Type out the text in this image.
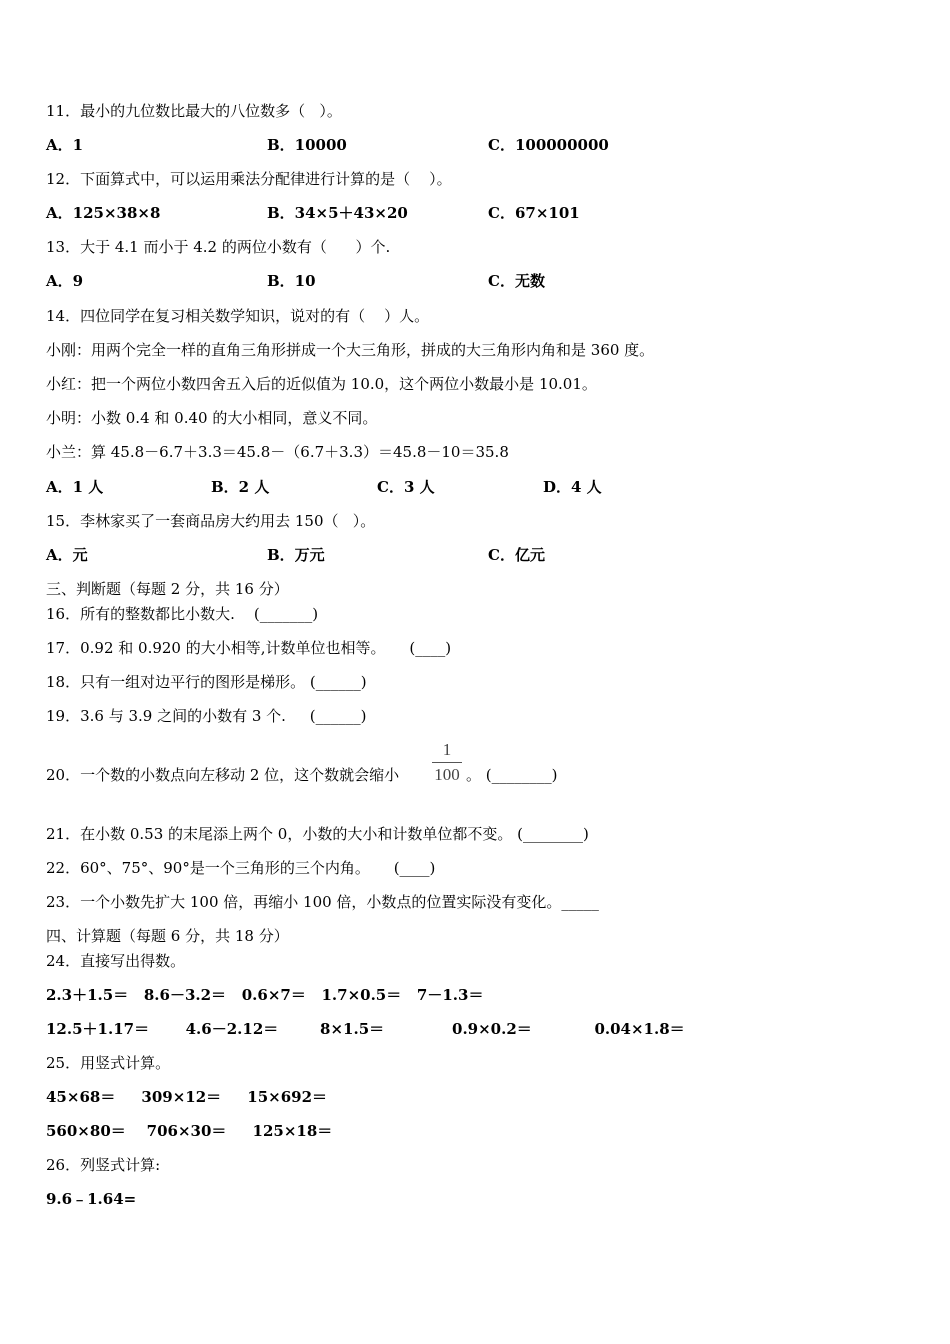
11．最小的九位数比最大的八位数多（   ）。
A．1	B．10000	C．100000000
12．下面算式中，可以运用乘法分配律进行计算的是（    ）。
A．125×38×8	B．34×5＋43×20	C．67×101
13．大于 4.1 而小于 4.2 的两位小数有（      ）个.
A．9	B．10	C．无数
14．四位同学在复习相关数学知识，说对的有（    ）人。
小刚：用两个完全一样的直角三角形拼成一个大三角形，拼成的大三角形内角和是 360 度。
小红：把一个两位小数四舍五入后的近似值为 10.0，这个两位小数最小是 10.01。
小明：小数 0.4 和 0.40 的大小相同，意义不同。
小兰：算 45.8－6.7＋3.3＝45.8－（6.7＋3.3）＝45.8－10＝35.8
A．1 人	B．2 人	C．3 人	D．4 人
15．李林家买了一套商品房大约用去 150（   ）。
A．元	B．万元	C．亿元
三、判断题（每题 2 分，共 16 分）
16．所有的整数都比小数大.    (_______)
17．0.92 和 0.920 的大小相等,计数单位也相等。     (____)
18．只有一组对边平行的图形是梯形。 (______)
19．3.6 与 3.9 之间的小数有 3 个.     (______)
20．一个数的小数点向左移动 2 位，这个数就会缩小
1
100 。 (________)
21．在小数 0.53 的末尾添上两个 0，小数的大小和计数单位都不变。 (________)
22．60°、75°、90°是一个三角形的三个内角。     (____)
23．一个小数先扩大 100 倍，再缩小 100 倍，小数点的位置实际没有变化。_____
四、计算题（每题 6 分，共 18 分）
24．直接写出得数。
2.3＋1.5＝   8.6－3.2＝   0.6×7＝   1.7×0.5＝   7－1.3＝
12.5＋1.17＝       4.6－2.12＝        8×1.5＝             0.9×0.2＝            0.04×1.8＝
25．用竖式计算。
45×68＝     309×12＝     15×692＝
560×80＝    706×30＝     125×18＝
26．列竖式计算:
9.6﹣1.64=
